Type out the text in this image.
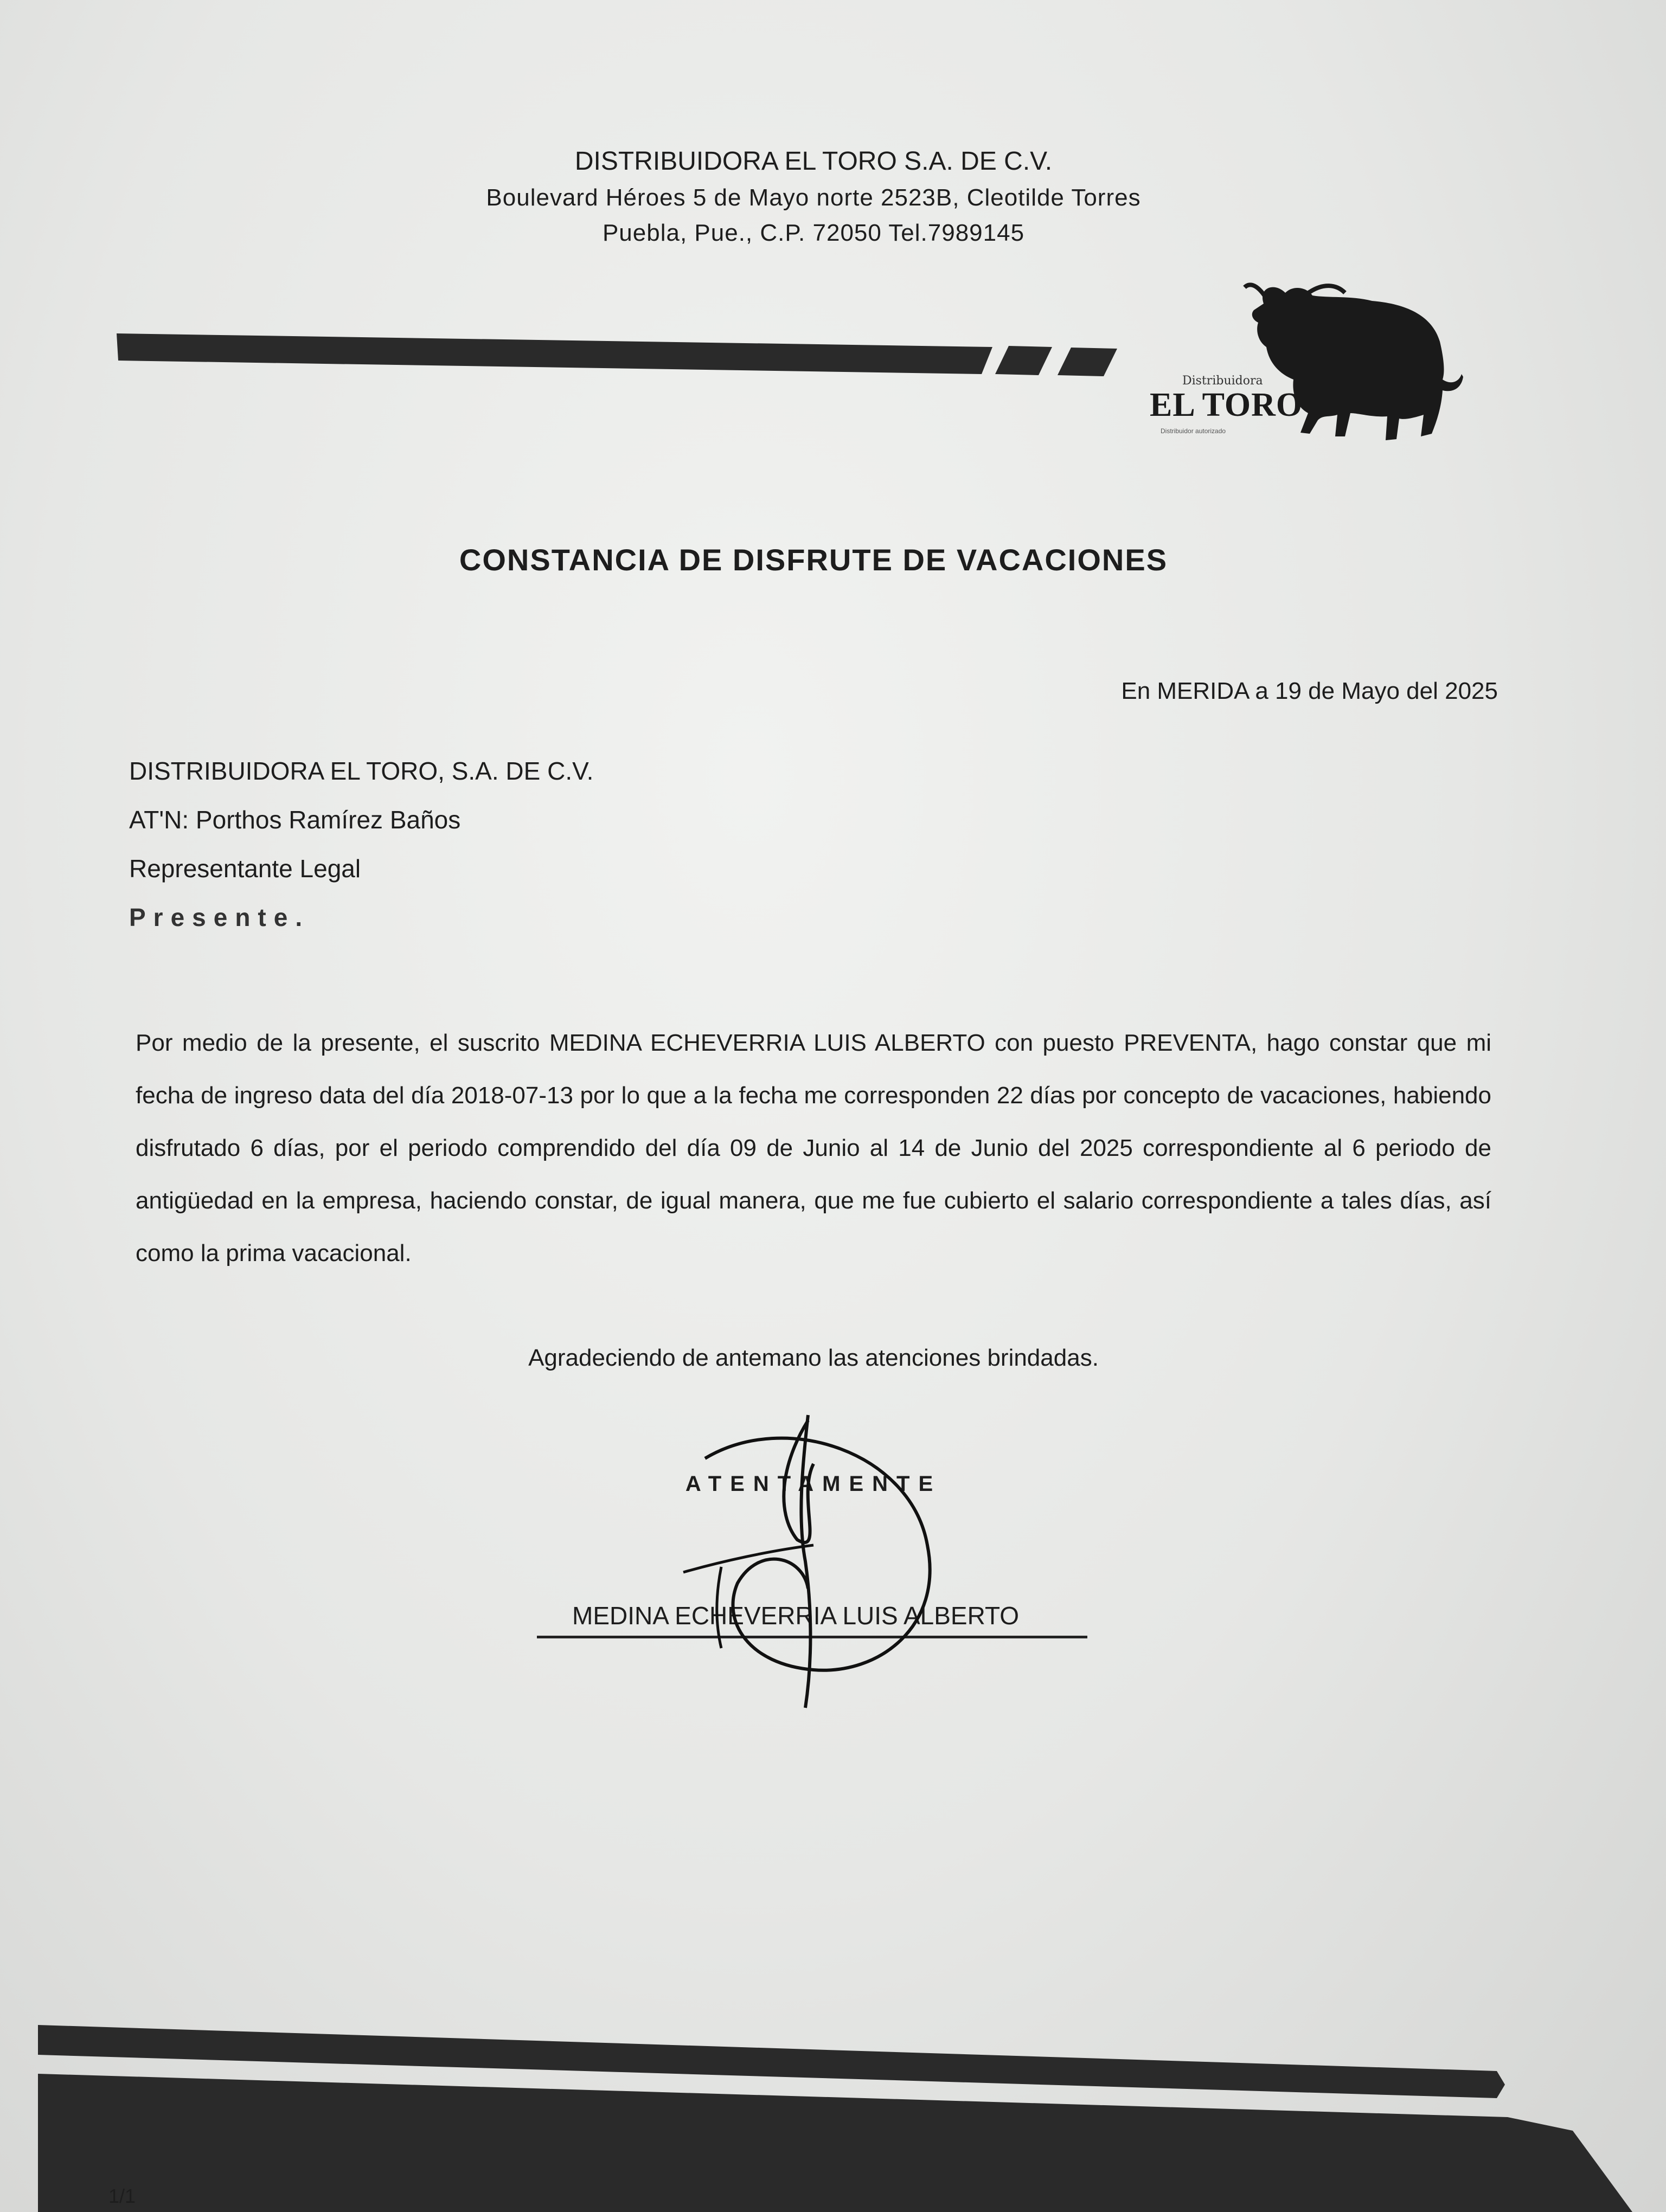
DISTRIBUIDORA EL TORO S.A. DE C.V.
Boulevard Héroes 5 de Mayo norte 2523B, Cleotilde Torres
Puebla, Pue., C.P. 72050 Tel.7989145
Distribuidora
EL TORO
Distribuidor autorizado
CONSTANCIA DE DISFRUTE DE VACACIONES
En MERIDA a 19 de Mayo del 2025
DISTRIBUIDORA EL TORO, S.A. DE C.V.
AT'N: Porthos Ramírez Baños
Representante Legal
Presente.
Por medio de la presente, el suscrito MEDINA ECHEVERRIA LUIS ALBERTO con puesto PREVENTA, hago constar que mi fecha de ingreso data del día 2018-07-13 por lo que a la fecha me corresponden 22 días por concepto de vacaciones, habiendo disfrutado 6 días, por el periodo comprendido del día 09 de Junio al 14 de Junio del 2025 correspondiente al 6 periodo de antigüedad en la empresa, haciendo constar, de igual manera, que me fue cubierto el salario correspondiente a tales días, así como la prima vacacional.
Agradeciendo de antemano las atenciones brindadas.
ATENTAMENTE
MEDINA ECHEVERRIA LUIS ALBERTO
1/1
